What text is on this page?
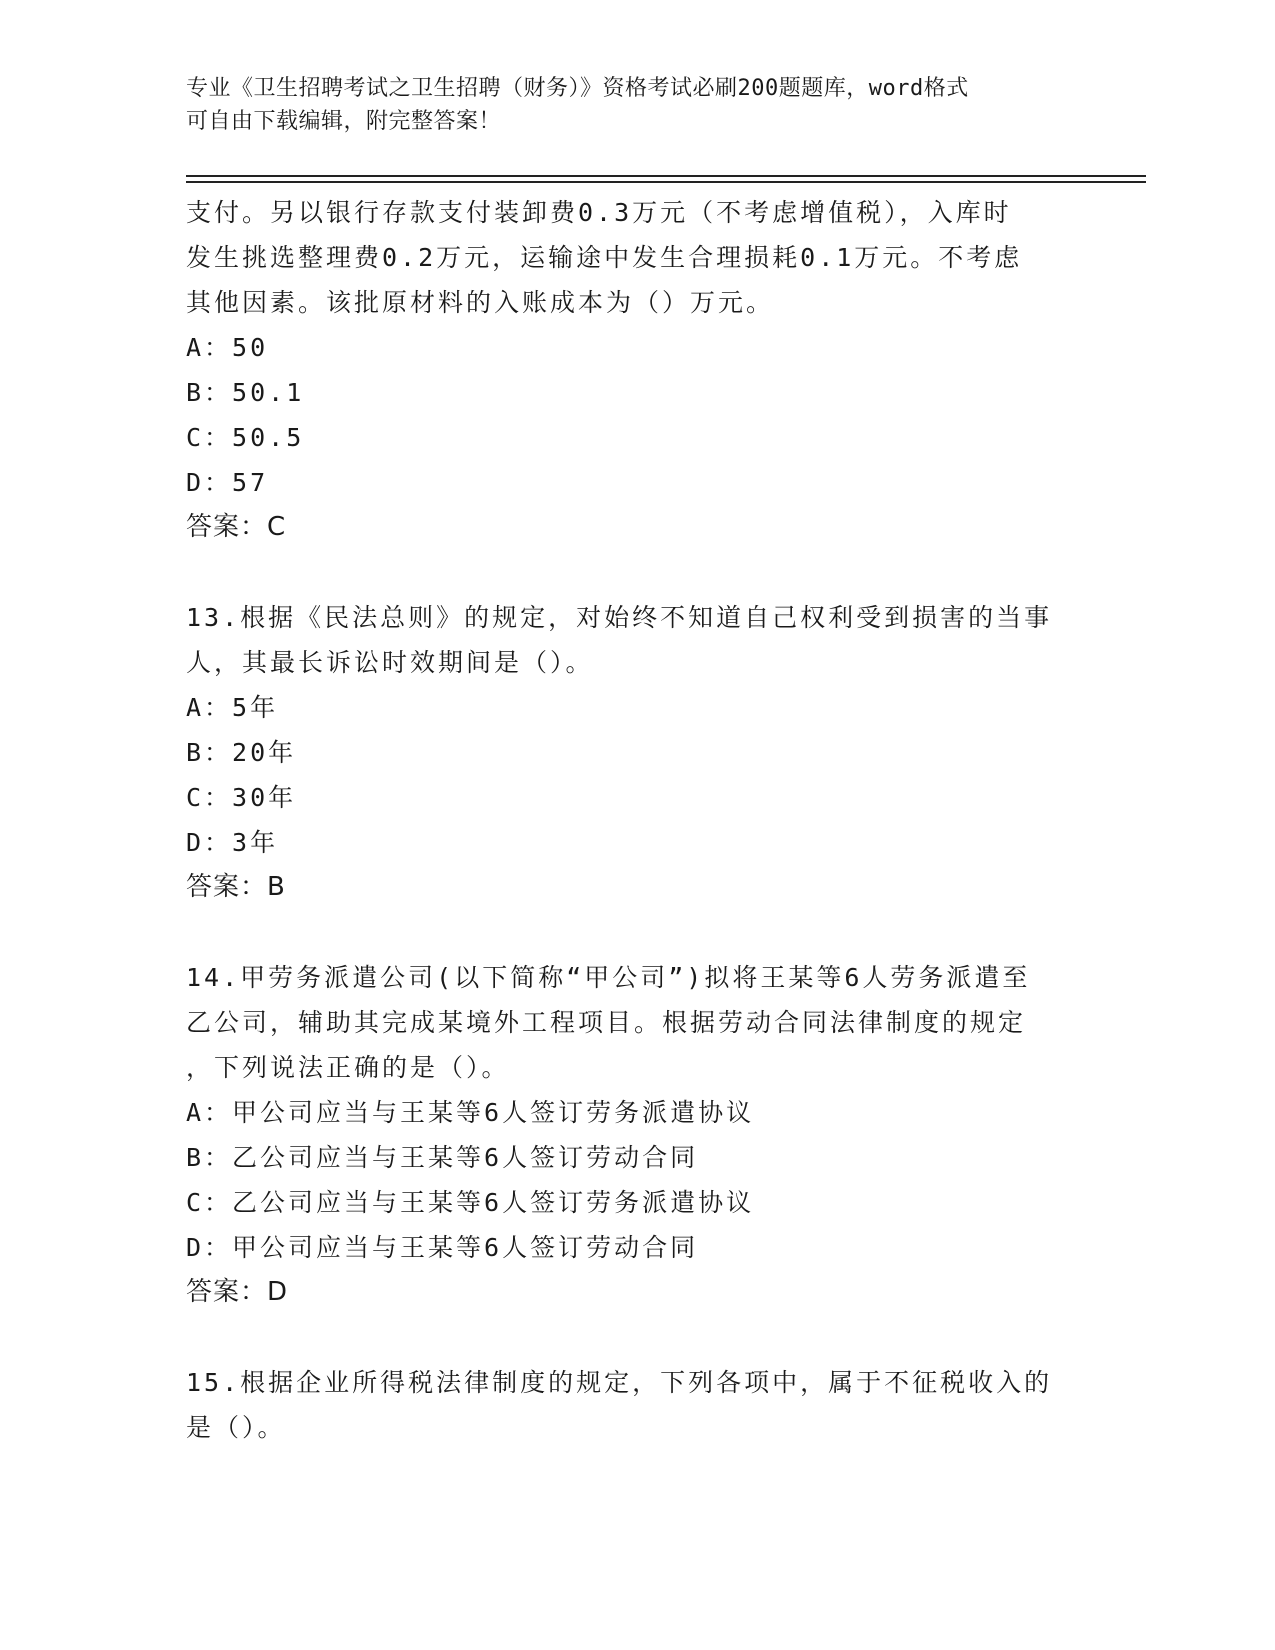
专业《卫生招聘考试之卫生招聘（财务）》资格考试必刷200题题库，word格式
可自由下载编辑，附完整答案！

支付。另以银行存款支付装卸费0.3万元（不考虑增值税），入库时

发生挑选整理费0.2万元，运输途中发生合理损耗0.1万元。不考虑

其他因素。该批原材料的入账成本为（）万元。

A：50

B：50.1

C：50.5

D：57

答案：C

13.根据《民法总则》的规定，对始终不知道自己权利受到损害的当事

人，其最长诉讼时效期间是（）。

A：5年

B：20年

C：30年

D：3年

答案：B

14.甲劳务派遣公司(以下简称“甲公司”)拟将王某等6人劳务派遣至

乙公司，辅助其完成某境外工程项目。根据劳动合同法律制度的规定

，下列说法正确的是（）。

A：甲公司应当与王某等6人签订劳务派遣协议

B：乙公司应当与王某等6人签订劳动合同

C：乙公司应当与王某等6人签订劳务派遣协议

D：甲公司应当与王某等6人签订劳动合同

答案：D

15.根据企业所得税法律制度的规定，下列各项中，属于不征税收入的

是（）。
